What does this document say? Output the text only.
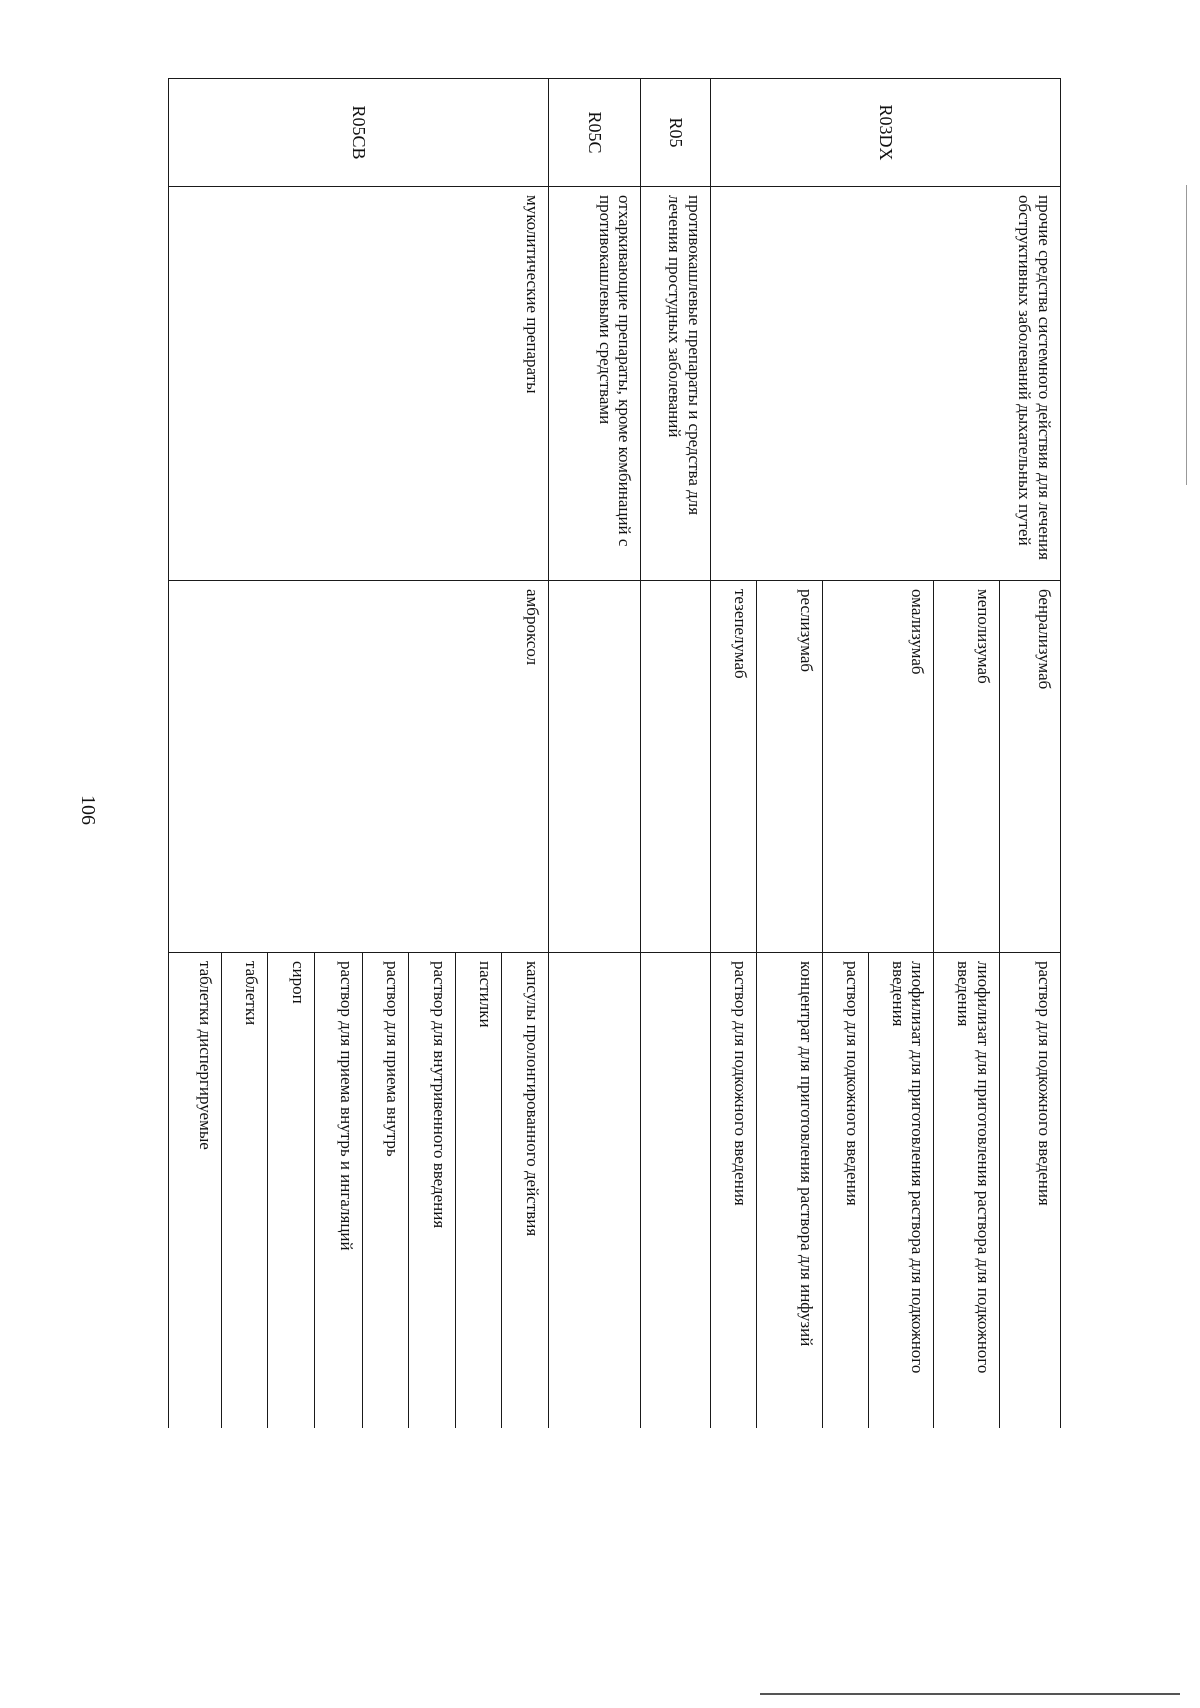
106
R03DX	прочие средства системного действия для лечения обструктивных заболеваний дыхательных путей	бенрализумаб	раствор для подкожного введения
		меполизумаб	лиофилизат для приготовления раствора для подкожного введения
		омализумаб	лиофилизат для приготовления раствора для подкожного введения
			раствор для подкожного введения
		реслизумаб	концентрат для приготовления раствора для инфузий
		тезепелумаб	раствор для подкожного введения
R05	противокашлевые препараты и средства для лечения простудных заболеваний		
R05C	отхаркивающие препараты, кроме комбинаций с противокашлевыми средствами		
R05CB	муколитические препараты	амброксол	капсулы пролонгированного действия
			пастилки
			раствор для внутривенного введения
			раствор для приема внутрь
			раствор для приема внутрь и ингаляций
			сироп
			таблетки
			таблетки диспергируемые
